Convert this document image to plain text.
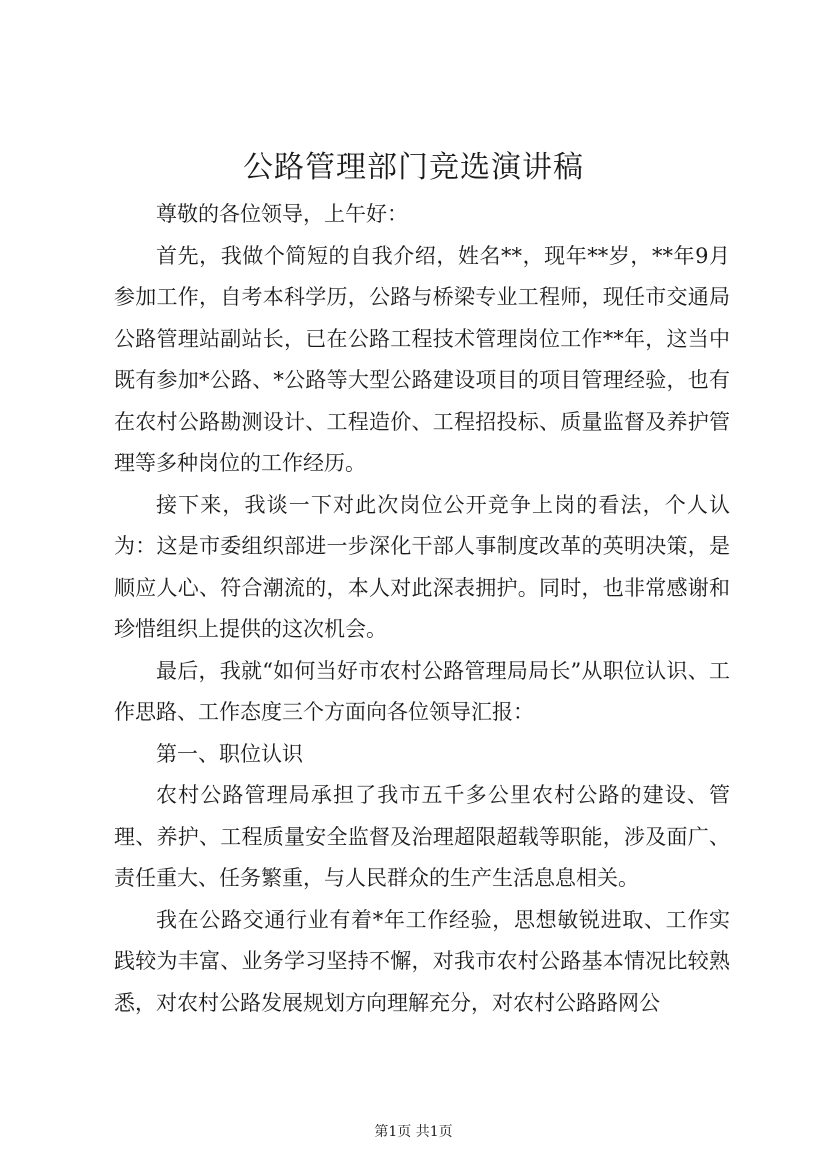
公路管理部门竞选演讲稿

尊敬的各位领导，上午好：

首先，我做个简短的自我介绍，姓名**，现年**岁，**年9月参加工作，自考本科学历，公路与桥梁专业工程师，现任市交通局公路管理站副站长，已在公路工程技术管理岗位工作**年，这当中既有参加*公路、*公路等大型公路建设项目的项目管理经验，也有在农村公路勘测设计、工程造价、工程招投标、质量监督及养护管理等多种岗位的工作经历。

接下来，我谈一下对此次岗位公开竞争上岗的看法，个人认为：这是市委组织部进一步深化干部人事制度改革的英明决策，是顺应人心、符合潮流的，本人对此深表拥护。同时，也非常感谢和珍惜组织上提供的这次机会。

最后，我就“如何当好市农村公路管理局局长”从职位认识、工作思路、工作态度三个方面向各位领导汇报：

第一、职位认识

农村公路管理局承担了我市五千多公里农村公路的建设、管理、养护、工程质量安全监督及治理超限超载等职能，涉及面广、责任重大、任务繁重，与人民群众的生产生活息息相关。

我在公路交通行业有着*年工作经验，思想敏锐进取、工作实践较为丰富、业务学习坚持不懈，对我市农村公路基本情况比较熟悉，对农村公路发展规划方向理解充分，对农村公路路网公

第1页 共1页
